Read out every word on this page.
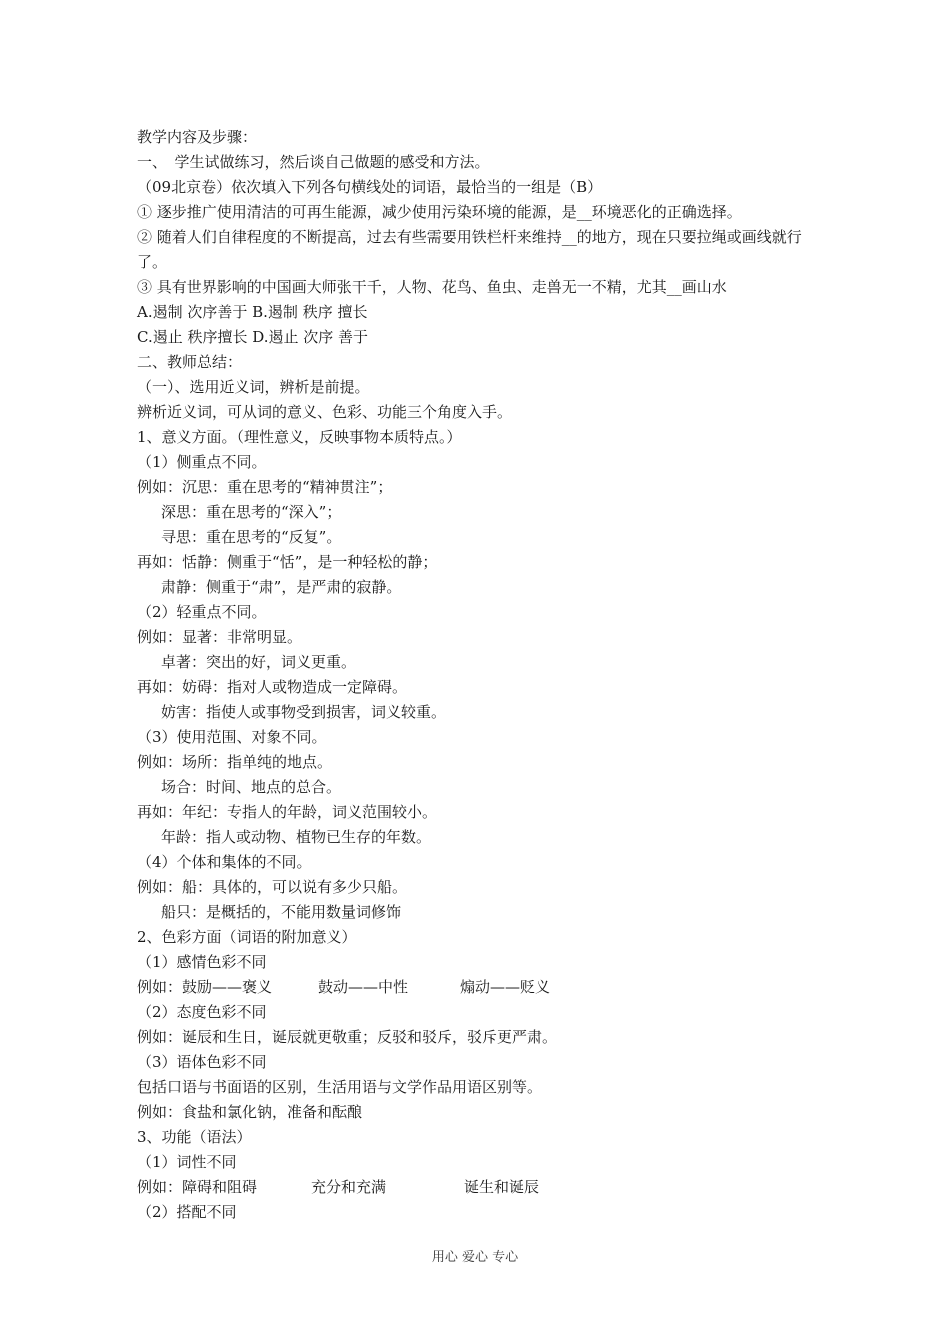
教学内容及步骤：
一、　学生试做练习，然后谈自己做题的感受和方法。
（09北京卷）依次填入下列各句横线处的词语，最恰当的一组是（B）
① 逐步推广使用清洁的可再生能源，减少使用污染环境的能源，是__环境恶化的正确选择。
② 随着人们自律程度的不断提高，过去有些需要用铁栏杆来维持__的地方，现在只要拉绳或画线就行了。
③ 具有世界影响的中国画大师张干千，人物、花鸟、鱼虫、走兽无一不精，尤其__画山水
A.遏制 次序善于 B.遏制 秩序 擅长
C.遏止 秩序擅长 D.遏止 次序 善于
二、教师总结：
（一）、选用近义词，辨析是前提。
辨析近义词，可从词的意义、色彩、功能三个角度入手。
1、意义方面。（理性意义，反映事物本质特点。）
（1）侧重点不同。
例如：沉思：重在思考的“精神贯注”；
深思：重在思考的“深入”；
寻思：重在思考的“反复”。
再如：恬静：侧重于“恬”，是一种轻松的静；
肃静：侧重于“肃”，是严肃的寂静。
（2）轻重点不同。
例如：显著：非常明显。
卓著：突出的好，词义更重。
再如：妨碍：指对人或物造成一定障碍。
妨害：指使人或事物受到损害，词义较重。
（3）使用范围、对象不同。
例如：场所：指单纯的地点。
场合：时间、地点的总合。
再如：年纪：专指人的年龄，词义范围较小。
年龄：指人或动物、植物已生存的年数。
（4）个体和集体的不同。
例如：船：具体的，可以说有多少只船。
船只：是概括的，不能用数量词修饰
2、色彩方面（词语的附加意义）
（1）感情色彩不同
例如：鼓励——褒义	鼓动——中性	煽动——贬义
（2）态度色彩不同
例如：诞辰和生日，诞辰就更敬重；反驳和驳斥，驳斥更严肃。
（3）语体色彩不同
包括口语与书面语的区别，生活用语与文学作品用语区别等。
例如：食盐和氯化钠，准备和酝酿
3、功能（语法）
（1）词性不同
例如：障碍和阻碍	充分和充满	诞生和诞辰
（2）搭配不同
用心 爱心 专心
